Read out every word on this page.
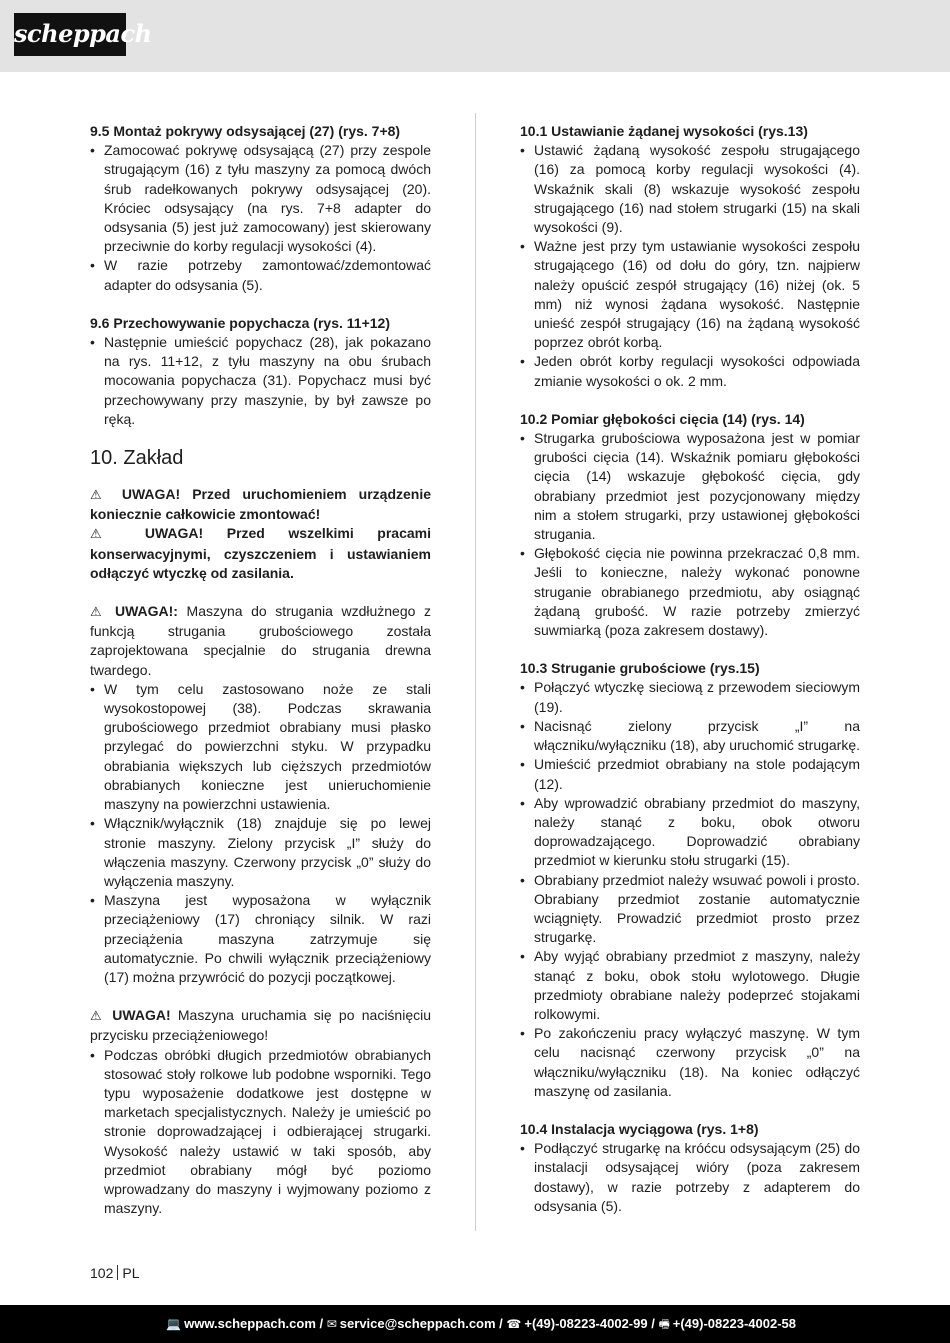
scheppach
9.5 Montaż pokrywy odsysającej (27) (rys. 7+8)
• Zamocować pokrywę odsysającą (27) przy zespole strugającym (16) z tyłu maszyny za pomocą dwóch śrub radełkowanych pokrywy odsysającej (20). Króciec odsysający (na rys. 7+8 adapter do odsysania (5) jest już zamocowany) jest skierowany przeciwnie do korby regulacji wysokości (4).
• W razie potrzeby zamontować/zdemontować adapter do odsysania (5).
9.6 Przechowywanie popychacza (rys. 11+12)
• Następnie umieścić popychacz (28), jak pokazano na rys. 11+12, z tyłu maszyny na obu śrubach mocowania popychacza (31). Popychacz musi być przechowywany przy maszynie, by był zawsze po ręką.
10. Zakład
⚠ UWAGA! Przed uruchomieniem urządzenie koniecznie całkowicie zmontować!
⚠ UWAGA! Przed wszelkimi pracami konserwacyjnymi, czyszczeniem i ustawianiem odłączyć wtyczkę od zasilania.
⚠ UWAGA!: Maszyna do strugania wzdłużnego z funkcją strugania grubościowego została zaprojektowana specjalnie do strugania drewna twardego.
• W tym celu zastosowano noże ze stali wysokostopowej (38). Podczas skrawania grubościowego przedmiot obrabiany musi płasko przylegać do powierzchni styku. W przypadku obrabiania większych lub cięższych przedmiotów obrabianych konieczne jest unieruchomienie maszyny na powierzchni ustawienia.
• Włącznik/wyłącznik (18) znajduje się po lewej stronie maszyny. Zielony przycisk „I” służy do włączenia maszyny. Czerwony przycisk „0” służy do wyłączenia maszyny.
• Maszyna jest wyposażona w wyłącznik przeciążeniowy (17) chroniący silnik. W razi przeciążenia maszyna zatrzymuje się automatycznie. Po chwili wyłącznik przeciążeniowy (17) można przywrócić do pozycji początkowej.
⚠ UWAGA! Maszyna uruchamia się po naciśnięciu przycisku przeciążeniowego!
• Podczas obróbki długich przedmiotów obrabianych stosować stoły rolkowe lub podobne wsporniki. Tego typu wyposażenie dodatkowe jest dostępne w marketach specjalistycznych. Należy je umieścić po stronie doprowadzającej i odbierającej strugarki. Wysokość należy ustawić w taki sposób, aby przedmiot obrabiany mógł być poziomo wprowadzany do maszyny i wyjmowany poziomo z maszyny.
10.1 Ustawianie żądanej wysokości (rys.13)
• Ustawić żądaną wysokość zespołu strugającego (16) za pomocą korby regulacji wysokości (4). Wskaźnik skali (8) wskazuje wysokość zespołu strugającego (16) nad stołem strugarki (15) na skali wysokości (9).
• Ważne jest przy tym ustawianie wysokości zespołu strugającego (16) od dołu do góry, tzn. najpierw należy opuścić zespół strugający (16) niżej (ok. 5 mm) niż wynosi żądana wysokość. Następnie unieść zespół strugający (16) na żądaną wysokość poprzez obrót korbą.
• Jeden obrót korby regulacji wysokości odpowiada zmianie wysokości o ok. 2 mm.
10.2 Pomiar głębokości cięcia (14) (rys. 14)
• Strugarka grubościowa wyposażona jest w pomiar grubości cięcia (14). Wskaźnik pomiaru głębokości cięcia (14) wskazuje głębokość cięcia, gdy obrabiany przedmiot jest pozycjonowany między nim a stołem strugarki, przy ustawionej głębokości strugania.
• Głębokość cięcia nie powinna przekraczać 0,8 mm. Jeśli to konieczne, należy wykonać ponowne struganie obrabianego przedmiotu, aby osiągnąć żądaną grubość. W razie potrzeby zmierzyć suwmiarką (poza zakresem dostawy).
10.3 Struganie grubościowe (rys.15)
• Połączyć wtyczkę sieciową z przewodem sieciowym (19).
• Nacisnąć zielony przycisk „I” na włączniku/wyłączniku (18), aby uruchomić strugarkę.
• Umieścić przedmiot obrabiany na stole podającym (12).
• Aby wprowadzić obrabiany przedmiot do maszyny, należy stanąć z boku, obok otworu doprowadzającego. Doprowadzić obrabiany przedmiot w kierunku stołu strugarki (15).
• Obrabiany przedmiot należy wsuwać powoli i prosto. Obrabiany przedmiot zostanie automatycznie wciągnięty. Prowadzić przedmiot prosto przez strugarkę.
• Aby wyjąć obrabiany przedmiot z maszyny, należy stanąć z boku, obok stołu wylotowego. Długie przedmioty obrabiane należy podeprzeć stojakami rolkowymi.
• Po zakończeniu pracy wyłączyć maszynę. W tym celu nacisnąć czerwony przycisk „0” na włączniku/wyłączniku (18). Na koniec odłączyć maszynę od zasilania.
10.4 Instalacja wyciągowa (rys. 1+8)
• Podłączyć strugarkę na króćcu odsysającym (25) do instalacji odsysającej wióry (poza zakresem dostawy), w razie potrzeby z adapterem do odsysania (5).
102 PL
💻 www.scheppach.com / ✉ service@scheppach.com / ☎ +(49)-08223-4002-99 / 🖷 +(49)-08223-4002-58
